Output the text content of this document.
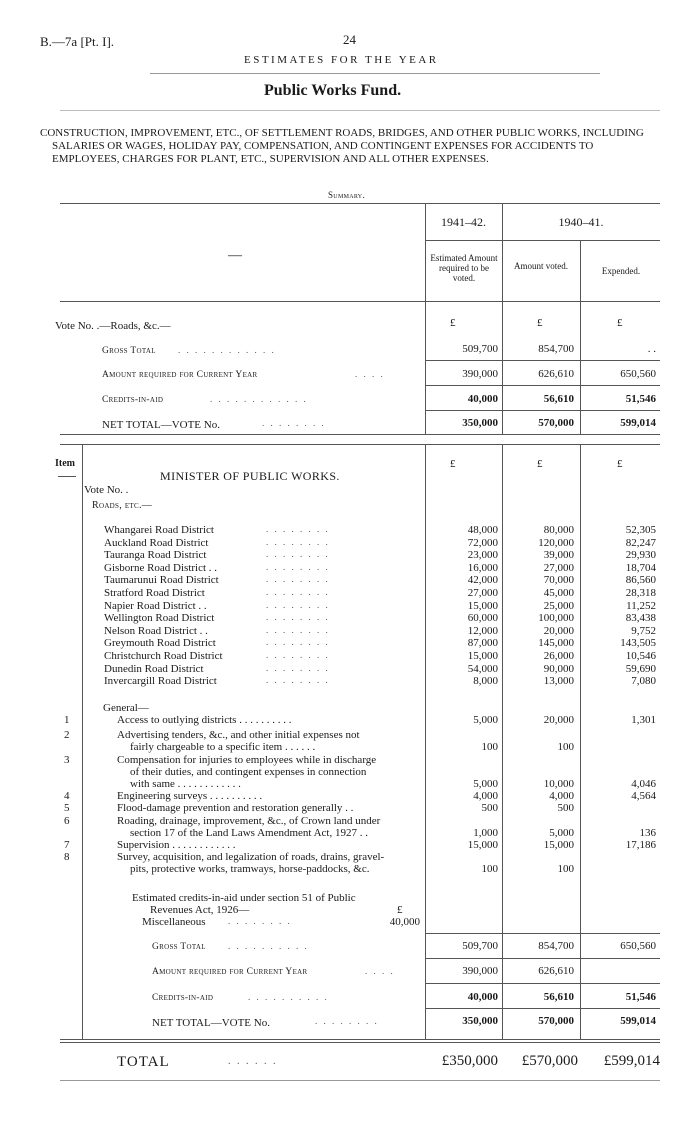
B.—7a [Pt. I].	24
ESTIMATES FOR THE YEAR
Public Works Fund.
CONSTRUCTION, IMPROVEMENT, ETC., OF SETTLEMENT ROADS, BRIDGES, AND OTHER PUBLIC WORKS, INCLUDING SALARIES OR WAGES, HOLIDAY PAY, COMPENSATION, AND CONTINGENT EXPENSES FOR ACCIDENTS TO EMPLOYEES, CHARGES FOR PLANT, ETC., SUPERVISION AND ALL OTHER EXPENSES.
Summary.
1941–42.	1940–41.
—	Estimated Amount required to be voted.
Amount voted.	Expended.
Vote No. .—Roads, &c.—	£	£	£
Gross Total . . . . . . . . . . . .	509,700	854,700	. .
Amount required for Current Year	. . . .	390,000	626,610	650,560
Credits-in-aid	. . . . . . . . . . . .	40,000	56,610	51,546
NET TOTAL—VOTE No.	. . . . . . . .	350,000	570,000	599,014
Item	£	£	£
MINISTER OF PUBLIC WORKS.
Vote No. .
Roads, etc.—
Whangarei Road District	. . . . . . . .	48,000	80,000	52,305
Auckland Road District	. . . . . . . .	72,000	120,000	82,247
Tauranga Road District	. . . . . . . .	23,000	39,000	29,930
Gisborne Road District . .	. . . . . . . .	16,000	27,000	18,704
Taumarunui Road District	. . . . . . . .	42,000	70,000	86,560
Stratford Road District	. . . . . . . .	27,000	45,000	28,318
Napier Road District . .	. . . . . . . .	15,000	25,000	11,252
Wellington Road District	. . . . . . . .	60,000	100,000	83,438
Nelson Road District . .	. . . . . . . .	12,000	20,000	9,752
Greymouth Road District	. . . . . . . .	87,000	145,000	143,505
Christchurch Road District	. . . . . . . .	15,000	26,000	10,546
Dunedin Road District	. . . . . . . .	54,000	90,000	59,690
Invercargill Road District	. . . . . . . .	8,000	13,000	7,080
General—
1	Access to outlying districts . . . . . . . . . .	5,000	20,000	1,301
2	Advertising tenders, &c., and other initial expenses not
fairly chargeable to a specific item . . . . . .	100	100
3	Compensation for injuries to employees while in discharge
of their duties, and contingent expenses in connection
with same . . . . . . . . . . . .	5,000	10,000	4,046
4	Engineering surveys . . . . . . . . . .	4,000	4,000	4,564
5	Flood-damage prevention and restoration generally . .	500	500
6	Roading, drainage, improvement, &c., of Crown land under
section 17 of the Land Laws Amendment Act, 1927 . .	1,000	5,000	136
7	Supervision . . . . . . . . . . . .	15,000	15,000	17,186
8	Survey, acquisition, and legalization of roads, drains, gravel-
pits, protective works, tramways, horse-paddocks, &c.	100	100
Estimated credits-in-aid under section 51 of Public
Revenues Act, 1926—	£
Miscellaneous . . . . . . . .	40,000
Gross Total . . . . . . . . . .	509,700	854,700	650,560
Amount required for Current Year	. . . .	390,000	626,610
Credits-in-aid	. . . . . . . . . .	40,000	56,610	51,546
NET TOTAL—VOTE No.	. . . . . . . .	350,000	570,000	599,014
TOTAL	. . . . . .	£350,000	£570,000	£599,014
